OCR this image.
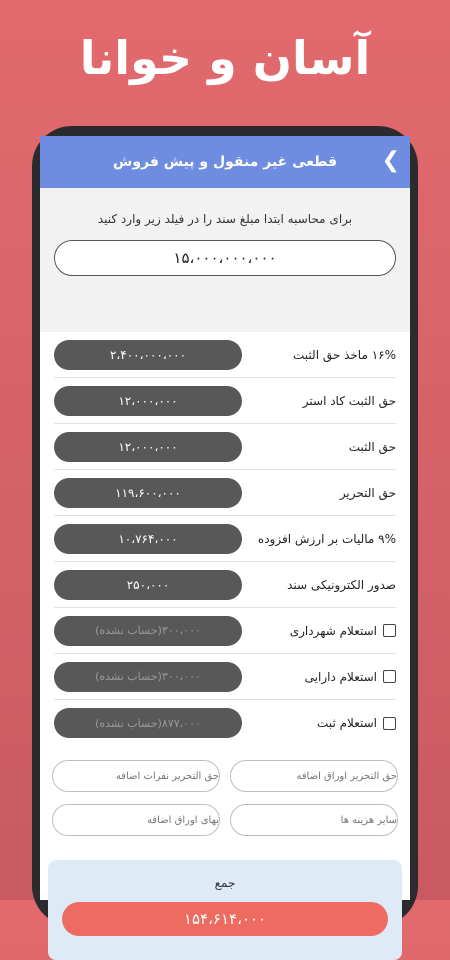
آسان و خوانا
❯
قطعی غیر منقول و پیش فروش
برای محاسبه ابتدا مبلغ سند را در فیلد زیر وارد کنید
۱۵،۰۰۰،۰۰۰،۰۰۰
۱۶% ماخذ حق الثبت
۲،۴۰۰،۰۰۰،۰۰۰
حق الثبت کاد استر
۱۲،۰۰۰،۰۰۰
حق الثبت
۱۲،۰۰۰،۰۰۰
حق التحریر
۱۱۹،۶۰۰،۰۰۰
۹% مالیات بر ارزش افزوده
۱۰،۷۶۴،۰۰۰
صدور الکترونیکی سند
۲۵۰،۰۰۰
استعلام شهرداری
۳۰۰،۰۰۰(حساب نشده)
استعلام دارایی
۳۰۰،۰۰۰(حساب نشده)
استعلام ثبت
۸۷۷،۰۰۰(حساب نشده)
حق التحریر اوراق اضافه
حق التحریر نفرات اضافه
سایر هزینه ها
بهای اوراق اضافه
جمع
۱۵۴،۶۱۴،۰۰۰
